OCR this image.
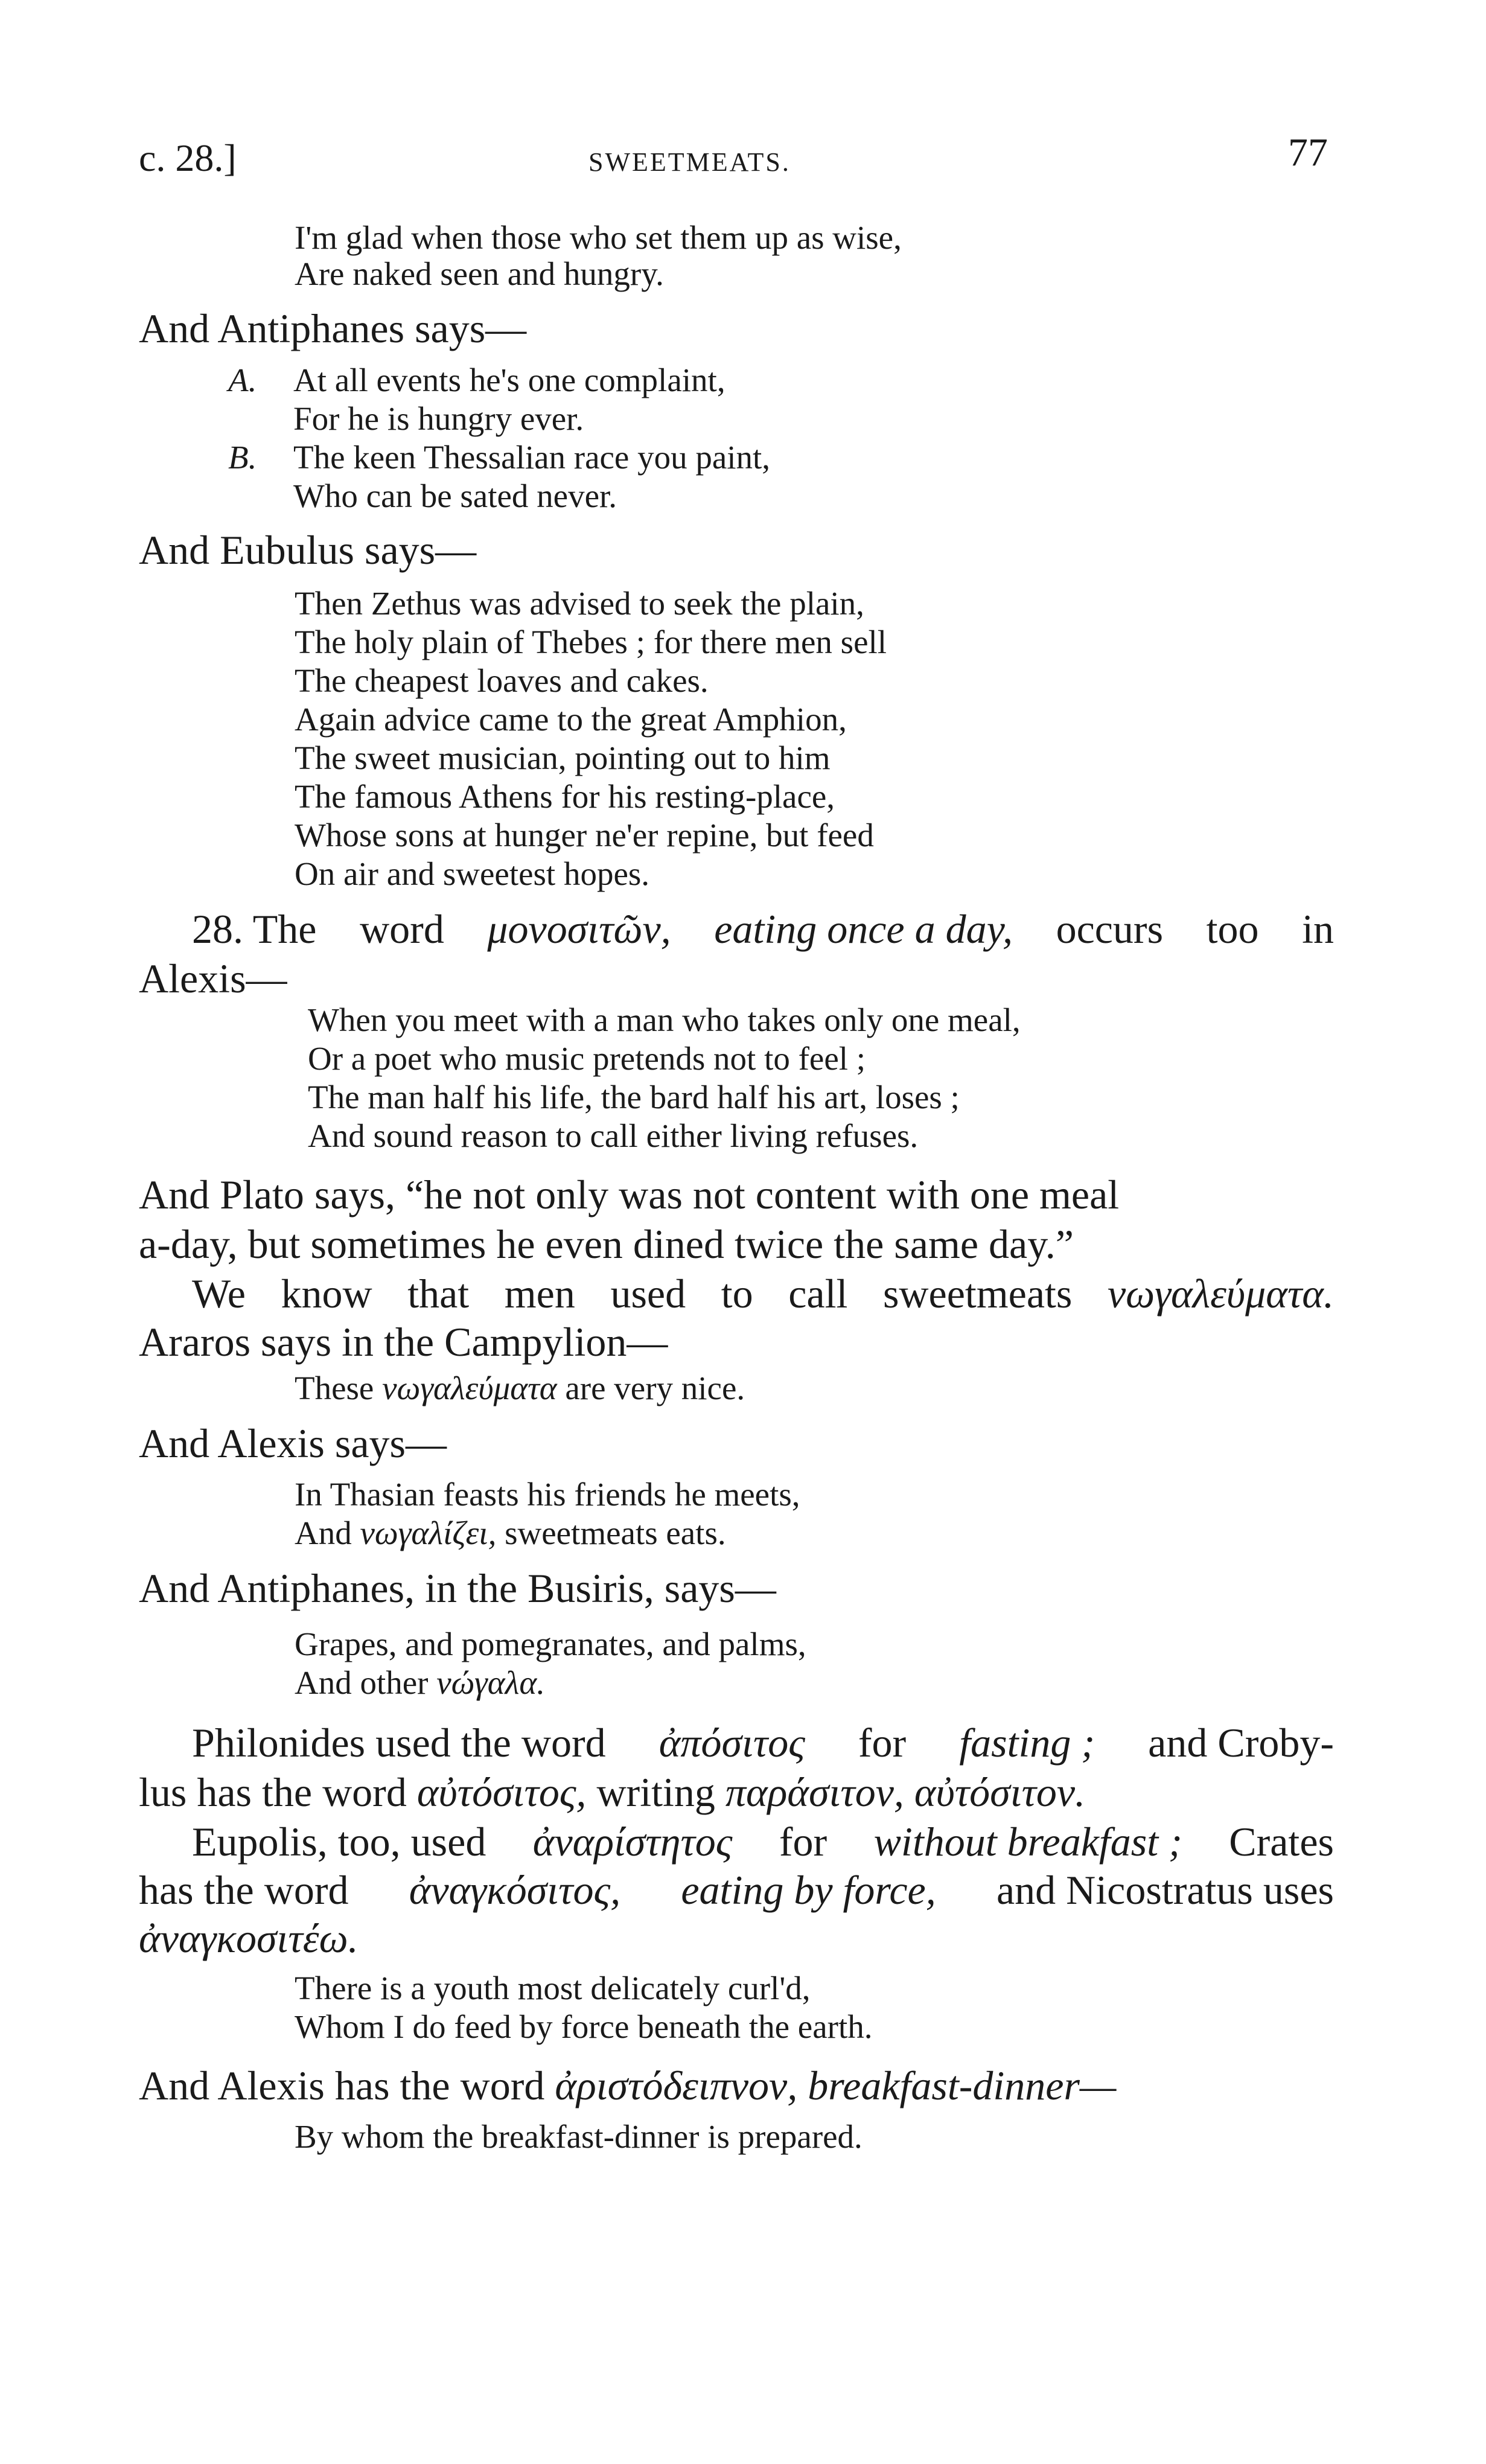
c. 28.]	SWEETMEATS.	77
I'm glad when those who set them up as wise,
Are naked seen and hungry.
And Antiphanes says—
A. At all events he's one complaint,
For he is hungry ever.
B. The keen Thessalian race you paint,
Who can be sated never.
And Eubulus says—
Then Zethus was advised to seek the plain,
The holy plain of Thebes ; for there men sell
The cheapest loaves and cakes.
Again advice came to the great Amphion,
The sweet musician, pointing out to him
The famous Athens for his resting-place,
Whose sons at hunger ne'er repine, but feed
On air and sweetest hopes.
28. The word μονοσιτῶν, eating once a day, occurs too in
Alexis—
When you meet with a man who takes only one meal,
Or a poet who music pretends not to feel ;
The man half his life, the bard half his art, loses ;
And sound reason to call either living refuses.
And Plato says, “he not only was not content with one meal
a-day, but sometimes he even dined twice the same day.”
We know that men used to call sweetmeats νωγαλεύματα.
Araros says in the Campylion—
These νωγαλεύματα are very nice.
And Alexis says—
In Thasian feasts his friends he meets,
And νωγαλίζει, sweetmeats eats.
And Antiphanes, in the Busiris, says—
Grapes, and pomegranates, and palms,
And other νώγαλα.
Philonides used the word ἀπόσιτος for fasting ; and Croby-
lus has the word αὐτόσιτος, writing παράσιτον, αὐτόσιτον.
Eupolis, too, used ἀναρίστητος for without breakfast ; Crates
has the word ἀναγκόσιτος, eating by force, and Nicostratus uses
ἀναγκοσιτέω.
There is a youth most delicately curl'd,
Whom I do feed by force beneath the earth.
And Alexis has the word ἀριστόδειπνον, breakfast-dinner—
By whom the breakfast-dinner is prepared.
